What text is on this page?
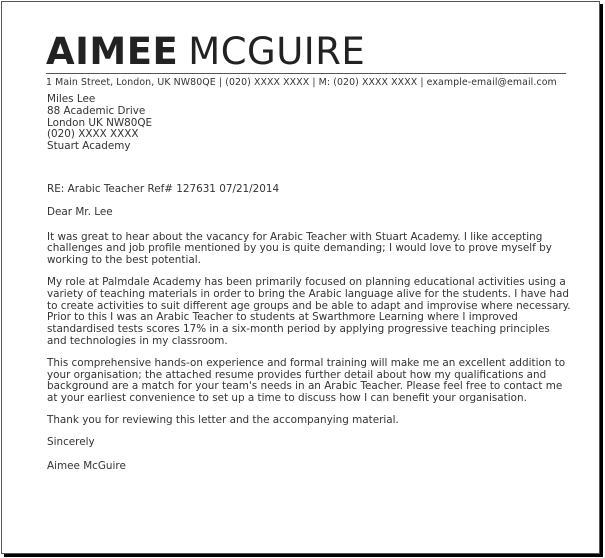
AIMEE MCGUIRE
1 Main Street, London, UK NW80QE | (020) XXXX XXXX | M: (020) XXXX XXXX | example-email@email.com
Miles Lee
88 Academic Drive
London UK NW80QE
(020) XXXX XXXX
Stuart Academy
RE: Arabic Teacher Ref# 127631 07/21/2014
Dear Mr. Lee

It was great to hear about the vacancy for Arabic Teacher with Stuart Academy. I like accepting challenges and job profile mentioned by you is quite demanding; I would love to prove myself by working to the best potential.

My role at Palmdale Academy has been primarily focused on planning educational activities using a variety of teaching materials in order to bring the Arabic language alive for the students. I have had to create activities to suit different age groups and be able to adapt and improvise where necessary. Prior to this I was an Arabic Teacher to students at Swarthmore Learning where I improved standardised tests scores 17% in a six-month period by applying progressive teaching principles and technologies in my classroom.

This comprehensive hands-on experience and formal training will make me an excellent addition to your organisation; the attached resume provides further detail about how my qualifications and background are a match for your team's needs in an Arabic Teacher. Please feel free to contact me at your earliest convenience to set up a time to discuss how I can benefit your organisation.

Thank you for reviewing this letter and the accompanying material.

Sincerely
Aimee McGuire
